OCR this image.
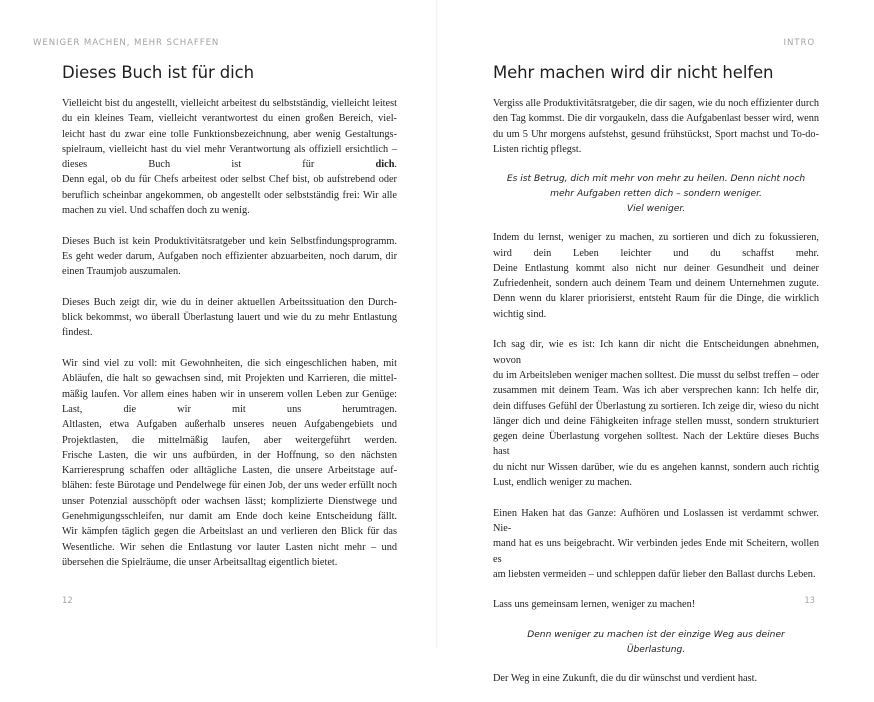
WENIGER MACHEN, MEHR SCHAFFEN
Dieses Buch ist für dich

Vielleicht bist du angestellt, vielleicht arbeitest du selbstständig, vielleicht leitest
du ein kleines Team, vielleicht verantwortest du einen großen Bereich, viel-
leicht hast du zwar eine tolle Funktionsbezeichnung, aber wenig Gestaltungs-
spielraum, vielleicht hast du viel mehr Verantwortung als offiziell ersichtlich –
dieses Buch ist für dich.
Denn egal, ob du für Chefs arbeitest oder selbst Chef bist, ob aufstrebend oder
beruflich scheinbar angekommen, ob angestellt oder selbstständig frei: Wir alle
machen zu viel. Und schaffen doch zu wenig.

Dieses Buch ist kein Produktivitätsratgeber und kein Selbstfindungsprogramm.
Es geht weder darum, Aufgaben noch effizienter abzuarbeiten, noch darum, dir
einen Traumjob auszumalen.

Dieses Buch zeigt dir, wie du in deiner aktuellen Arbeitssituation den Durch-
blick bekommst, wo überall Überlastung lauert und wie du zu mehr Entlastung
findest.

Wir sind viel zu voll: mit Gewohnheiten, die sich eingeschlichen haben, mit
Abläufen, die halt so gewachsen sind, mit Projekten und Karrieren, die mittel-
mäßig laufen. Vor allem eines haben wir in unserem vollen Leben zur Genüge:
Last, die wir mit uns herumtragen.
Altlasten, etwa Aufgaben außerhalb unseres neuen Aufgabengebiets und
Projektlasten, die mittelmäßig laufen, aber weitergeführt werden.
Frische Lasten, die wir uns aufbürden, in der Hoffnung, so den nächsten
Karrieresprung schaffen oder alltägliche Lasten, die unsere Arbeitstage auf-
blähen: feste Bürotage und Pendelwege für einen Job, der uns weder erfüllt noch
unser Potenzial ausschöpft oder wachsen lässt; komplizierte Dienstwege und
Genehmigungsschleifen, nur damit am Ende doch keine Entscheidung fällt.
Wir kämpfen täglich gegen die Arbeitslast an und verlieren den Blick für das
Wesentliche. Wir sehen die Entlastung vor lauter Lasten nicht mehr – und
übersehen die Spielräume, die unser Arbeitsalltag eigentlich bietet.

12
INTRO
Mehr machen wird dir nicht helfen

Vergiss alle Produktivitätsratgeber, die dir sagen, wie du noch effizienter durch
den Tag kommst. Die dir vorgaukeln, dass die Aufgabenlast besser wird, wenn
du um 5 Uhr morgens aufstehst, gesund frühstückst, Sport machst und To-do-
Listen richtig pflegst.

Es ist Betrug, dich mit mehr von mehr zu heilen. Denn nicht noch
mehr Aufgaben retten dich – sondern weniger.
Viel weniger.

Indem du lernst, weniger zu machen, zu sortieren und dich zu fokussieren,
wird dein Leben leichter und du schaffst mehr.
Deine Entlastung kommt also nicht nur deiner Gesundheit und deiner
Zufriedenheit, sondern auch deinem Team und deinem Unternehmen zugute.
Denn wenn du klarer priorisierst, entsteht Raum für die Dinge, die wirklich
wichtig sind.

Ich sag dir, wie es ist: Ich kann dir nicht die Entscheidungen abnehmen, wovon
du im Arbeitsleben weniger machen solltest. Die musst du selbst treffen – oder
zusammen mit deinem Team. Was ich aber versprechen kann: Ich helfe dir,
dein diffuses Gefühl der Überlastung zu sortieren. Ich zeige dir, wieso du nicht
länger dich und deine Fähigkeiten infrage stellen musst, sondern strukturiert
gegen deine Überlastung vorgehen solltest. Nach der Lektüre dieses Buchs hast
du nicht nur Wissen darüber, wie du es angehen kannst, sondern auch richtig
Lust, endlich weniger zu machen.

Einen Haken hat das Ganze: Aufhören und Loslassen ist verdammt schwer. Nie-
mand hat es uns beigebracht. Wir verbinden jedes Ende mit Scheitern, wollen es
am liebsten vermeiden – und schleppen dafür lieber den Ballast durchs Leben.

Lass uns gemeinsam lernen, weniger zu machen!

Denn weniger zu machen ist der einzige Weg aus deiner
Überlastung.

Der Weg in eine Zukunft, die du dir wünschst und verdient hast.

13
